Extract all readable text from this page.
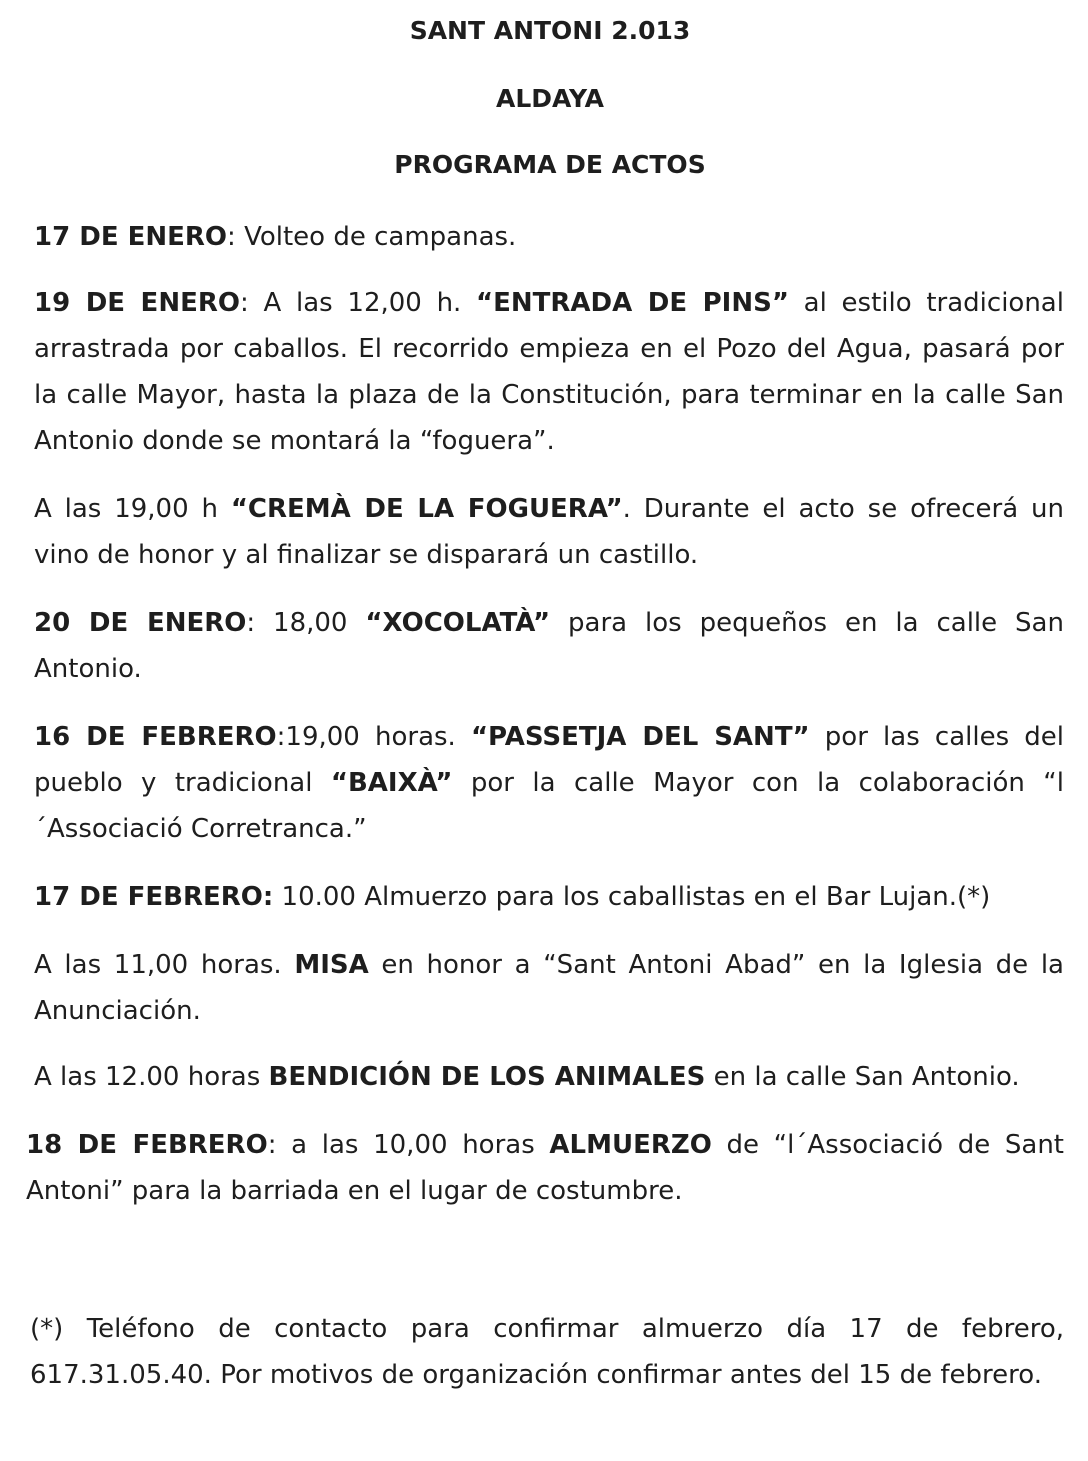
SANT ANTONI 2.013
ALDAYA
PROGRAMA DE ACTOS
17 DE ENERO: Volteo de campanas.
19 DE ENERO: A las 12,00 h. “ENTRADA DE PINS” al estilo tradicional arrastrada por caballos. El recorrido empieza en el Pozo del Agua, pasará por la calle Mayor, hasta la plaza de la Constitución, para terminar en la calle San Antonio donde se montará la “foguera”.
A las 19,00 h “CREMÀ DE LA FOGUERA”. Durante el acto se ofrecerá un vino de honor y al finalizar se disparará un castillo.
20 DE ENERO: 18,00 “XOCOLATÀ” para los pequeños en la calle San Antonio.
16 DE FEBRERO:19,00 horas. “PASSETJA DEL SANT” por las calles del pueblo y tradicional “BAIXÀ” por la calle Mayor con la colaboración “l´Associació Corretranca.”
17 DE FEBRERO: 10.00 Almuerzo para los caballistas en el Bar Lujan.(*)
A las 11,00 horas. MISA en honor a “Sant Antoni Abad” en la Iglesia de la Anunciación.
A las 12.00 horas BENDICIÓN DE LOS ANIMALES en la calle San Antonio.
18 DE FEBRERO: a las 10,00 horas ALMUERZO de “l´Associació de Sant Antoni” para la barriada en el lugar de costumbre.
(*) Teléfono de contacto para confirmar almuerzo día 17 de febrero, 617.31.05.40. Por motivos de organización confirmar antes del 15 de febrero.
